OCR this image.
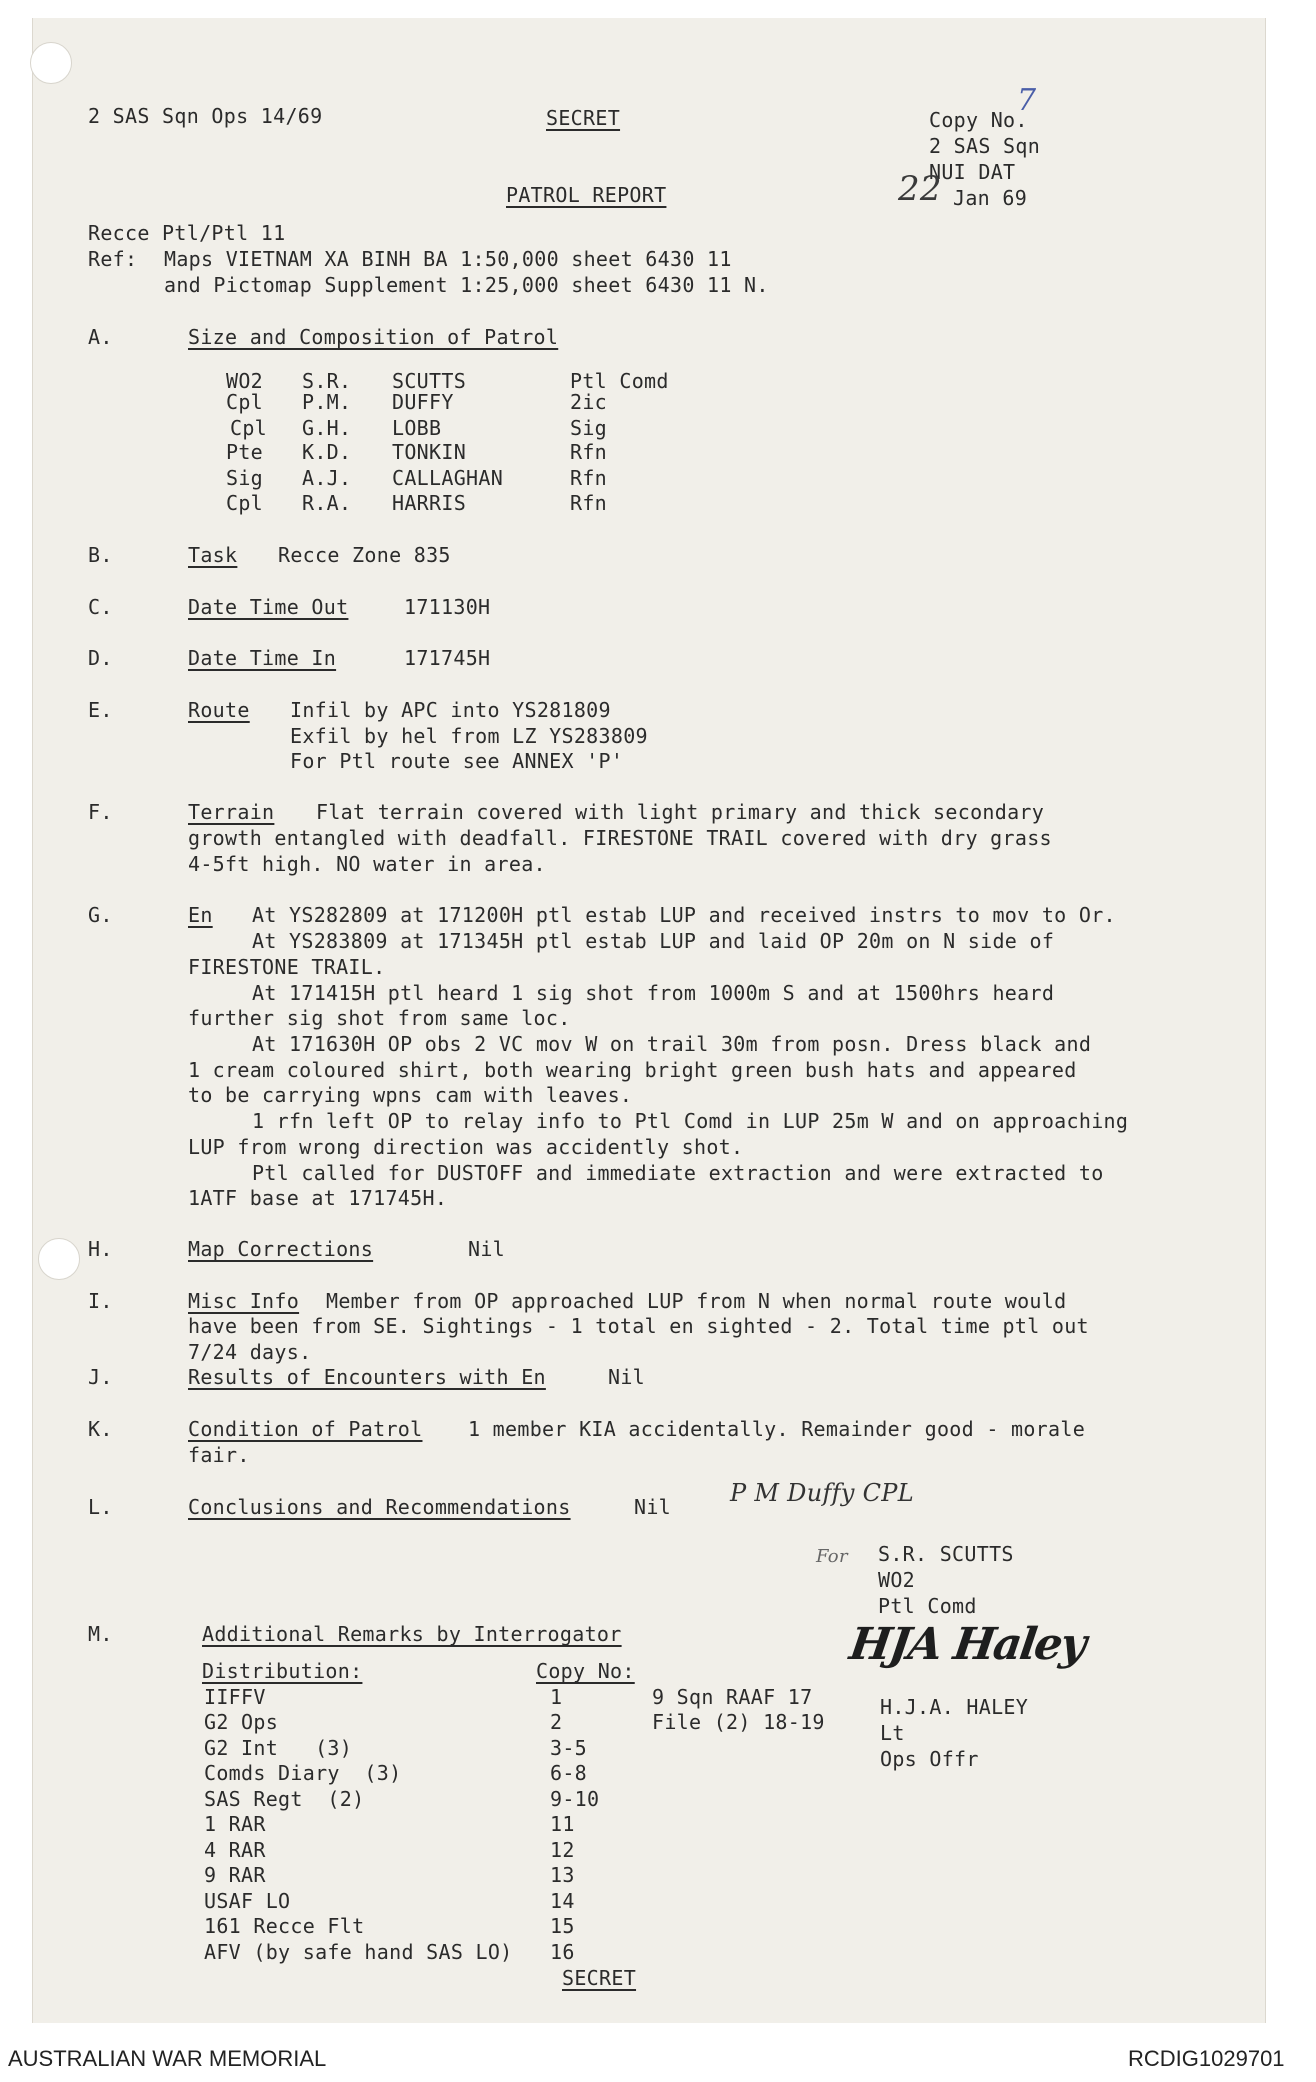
2 SAS Sqn Ops 14/69	SECRET	Copy No.
7
2 SAS Sqn
NUI DAT
22 Jan 69
PATROL REPORT
Recce Ptl/Ptl 11
Ref: Maps VIETNAM XA BINH BA 1:50,000 sheet 6430 11
and Pictomap Supplement 1:25,000 sheet 6430 11 N.
A.	Size and Composition of Patrol
WO2 S.R. SCUTTS	Ptl Comd
Cpl P.M. DUFFY	2ic
Cpl G.H. LOBB	Sig
Pte K.D. TONKIN	Rfn
Sig A.J. CALLAGHAN	Rfn
Cpl R.A. HARRIS	Rfn
B.	Task Recce Zone 835
C.	Date Time Out	171130H
D.	Date Time In	171745H
E.	Route Infil by APC into YS281809
Exfil by hel from LZ YS283809
For Ptl route see ANNEX 'P'
F.	Terrain Flat terrain covered with light primary and thick secondary
growth entangled with deadfall. FIRESTONE TRAIL covered with dry grass
4-5ft high. NO water in area.
G.	En At YS282809 at 171200H ptl estab LUP and received instrs to mov to Or.
At YS283809 at 171345H ptl estab LUP and laid OP 20m on N side of
FIRESTONE TRAIL.
At 171415H ptl heard 1 sig shot from 1000m S and at 1500hrs heard
further sig shot from same loc.
At 171630H OP obs 2 VC mov W on trail 30m from posn. Dress black and
1 cream coloured shirt, both wearing bright green bush hats and appeared
to be carrying wpns cam with leaves.
1 rfn left OP to relay info to Ptl Comd in LUP 25m W and on approaching
LUP from wrong direction was accidently shot.
Ptl called for DUSTOFF and immediate extraction and were extracted to
1ATF base at 171745H.
H.	Map Corrections	Nil
I.	Misc Info Member from OP approached LUP from N when normal route would
have been from SE. Sightings - 1 total en sighted - 2. Total time ptl out
7/24 days.
J.	Results of Encounters with En	Nil
K.	Condition of Patrol 1 member KIA accidentally. Remainder good - morale
fair.
L.	Conclusions and Recommendations	Nil P M Duffy CPL
For S.R. SCUTTS
WO2
Ptl Comd
HJA Haley
H.J.A. HALEY
Lt
Ops Offr
M.	Additional Remarks by Interrogator
Distribution:	Copy No:
IIFFV	1
G2 Ops	2
G2 Int   (3)	3-5
Comds Diary  (3)	6-8
SAS Regt  (2)	9-10
1 RAR	11
4 RAR	12
9 RAR	13
USAF LO	14
161 Recce Flt	15
AFV (by safe hand SAS LO) 16
9 Sqn RAAF 17
File (2) 18-19
SECRET
AUSTRALIAN WAR MEMORIAL	RCDIG1029701
